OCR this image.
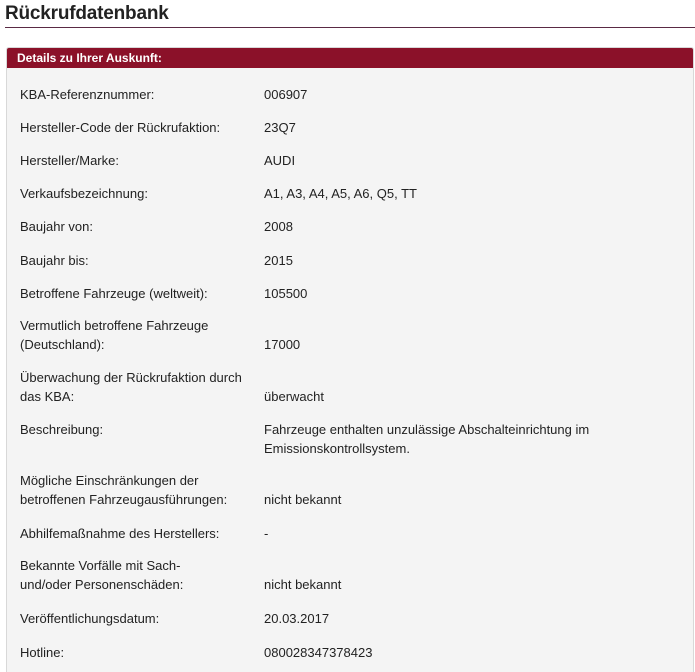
Rückrufdatenbank
Details zu Ihrer Auskunft:
KBA-Referenznummer:	006907
Hersteller-Code der Rückrufaktion:	23Q7
Hersteller/Marke:	AUDI
Verkaufsbezeichnung:	A1, A3, A4, A5, A6, Q5, TT
Baujahr von:	2008
Baujahr bis:	2015
Betroffene Fahrzeuge (weltweit):	105500
Vermutlich betroffene Fahrzeuge
(Deutschland):	17000
Überwachung der Rückrufaktion durch
das KBA:	überwacht
Beschreibung:	Fahrzeuge enthalten unzulässige Abschalteinrichtung im
Emissionskontrollsystem.
Mögliche Einschränkungen der
betroffenen Fahrzeugausführungen:	nicht bekannt
Abhilfemaßnahme des Herstellers:	-
Bekannte Vorfälle mit Sach-
und/oder Personenschäden:	nicht bekannt
Veröffentlichungsdatum:	20.03.2017
Hotline:	080028347378423
